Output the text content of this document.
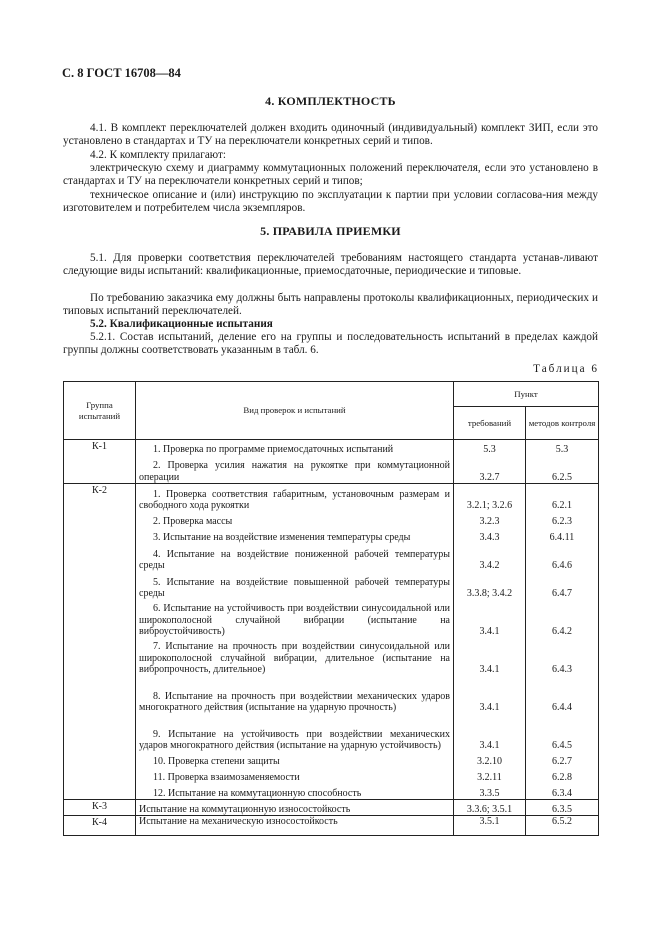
С. 8 ГОСТ 16708—84
4. КОМПЛЕКТНОСТЬ
4.1. В комплект переключателей должен входить одиночный (индивидуальный) комплект ЗИП, если это установлено в стандартах и ТУ на переключатели конкретных серий и типов.
4.2. К комплекту прилагают:
электрическую схему и диаграмму коммутационных положений переключателя, если это установлено в стандартах и ТУ на переключатели конкретных серий и типов;
техническое описание и (или) инструкцию по эксплуатации к партии при условии согласова-ния между изготовителем и потребителем числа экземпляров.
5. ПРАВИЛА ПРИЕМКИ
5.1. Для проверки соответствия переключателей требованиям настоящего стандарта устанав-ливают следующие виды испытаний: квалификационные, приемосдаточные, периодические и типовые.
По требованию заказчика ему должны быть направлены протоколы квалификационных, периодических и типовых испытаний переключателей.
5.2. Квалификационные испытания
5.2.1. Состав испытаний, деление его на группы и последовательность испытаний в пределах каждой группы должны соответствовать указанным в табл. 6.
Таблица 6
Группа испытаний	Вид проверок и испытаний	Пункт	
		требований	методов контроля
К-1	1. Проверка по программе приемосдаточных испытаний	5.3	5.3
	2. Проверка усилия нажатия на рукоятке при коммутационной операции	3.2.7	6.2.5
К-2	1. Проверка соответствия габаритным, установочным размерам и свободного хода рукоятки	3.2.1; 3.2.6	6.2.1
	2. Проверка массы	3.2.3	6.2.3
	3. Испытание на воздействие изменения температуры среды	3.4.3	6.4.11
	4. Испытание на воздействие пониженной рабочей температуры среды	3.4.2	6.4.6
	5. Испытание на воздействие повышенной рабочей температуры среды	3.3.8; 3.4.2	6.4.7
	6. Испытание на устойчивость при воздействии синусоидальной или широкополосной случайной вибрации (испытание на виброустойчивость)	3.4.1	6.4.2
	7. Испытание на прочность при воздействии синусоидальной или широкополосной случайной вибрации, длительное (испытание на вибропрочность, длительное)	3.4.1	6.4.3
	8. Испытание на прочность при воздействии механических ударов многократного действия (испытание на ударную прочность)	3.4.1	6.4.4
	9. Испытание на устойчивость при воздействии механических ударов многократного действия (испытание на ударную устойчивость)	3.4.1	6.4.5
	10. Проверка степени защиты	3.2.10	6.2.7
	11. Проверка взаимозаменяемости	3.2.11	6.2.8
	12. Испытание на коммутационную способность	3.3.5	6.3.4
К-3	Испытание на коммутационную износостойкость	3.3.6; 3.5.1	6.3.5
К-4	Испытание на механическую износостойкость	3.5.1	6.5.2
